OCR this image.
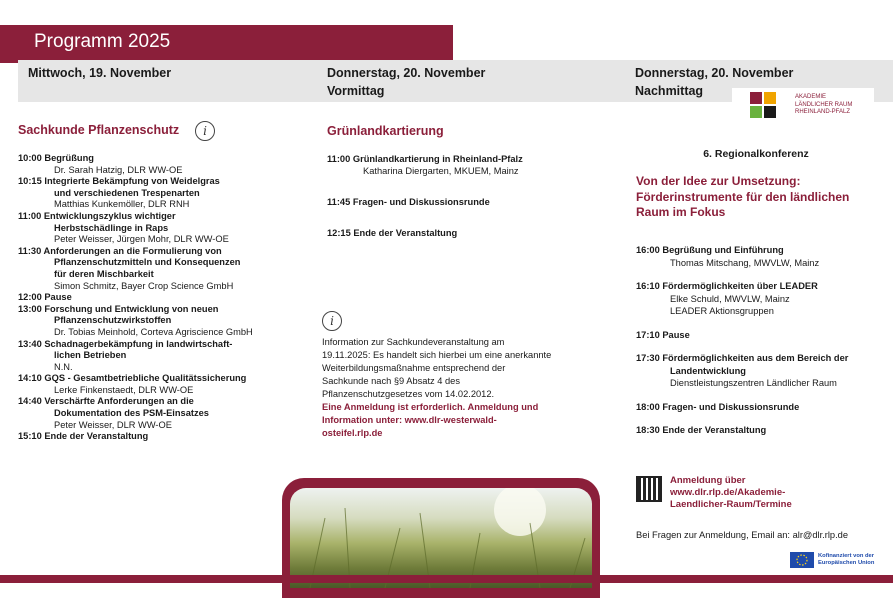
Programm 2025
Mittwoch, 19. November	Donnerstag, 20. November
Vormittag
Donnerstag, 20. November
Nachmittag	AKADEMIE
LÄNDLICHER RAUM
RHEINLAND-PFALZ
Sachkunde Pflanzenschutz	i
10:00 Begrüßung
Dr. Sarah Hatzig, DLR WW-OE
10:15 Integrierte Bekämpfung von Weidelgras
und verschiedenen Trespenarten
Matthias Kunkemöller, DLR RNH
11:00 Entwicklungszyklus wichtiger
Herbstschädlinge in Raps
Peter Weisser, Jürgen Mohr, DLR WW-OE
11:30 Anforderungen an die Formulierung von
Pflanzenschutzmitteln und Konsequenzen
für deren Mischbarkeit
Simon Schmitz, Bayer Crop Science GmbH
12:00 Pause
13:00 Forschung und Entwicklung von neuen
Pflanzenschutzwirkstoffen
Dr. Tobias Meinhold, Corteva Agriscience GmbH
13:40 Schadnagerbekämpfung in landwirtschaft-
lichen Betrieben
N.N.
14:10 GQS - Gesamtbetriebliche Qualitätssicherung
Lerke Finkenstaedt, DLR WW-OE
14:40 Verschärfte Anforderungen an die
Dokumentation des PSM-Einsatzes
Peter Weisser, DLR WW-OE
15:10 Ende der Veranstaltung
Grünlandkartierung
11:00 Grünlandkartierung in Rheinland-Pfalz
Katharina Diergarten, MKUEM, Mainz
11:45 Fragen- und Diskussionsrunde
12:15 Ende der Veranstaltung
i
Information zur Sachkundeveranstaltung am
19.11.2025: Es handelt sich hierbei um eine anerkannte
Weiterbildungsmaßnahme entsprechend der
Sachkunde nach §9 Absatz 4 des
Pflanzenschutzgesetzes vom 14.02.2012.
Eine Anmeldung ist erforderlich. Anmeldung und
Information unter: www.dlr-westerwald-
osteifel.rlp.de
6. Regionalkonferenz
Von der Idee zur Umsetzung:
Förderinstrumente für den ländlichen
Raum im Fokus
16:00 Begrüßung und Einführung
Thomas Mitschang, MWVLW, Mainz
16:10 Fördermöglichkeiten über LEADER
Elke Schuld, MWVLW, Mainz
LEADER Aktionsgruppen
17:10 Pause
17:30 Fördermöglichkeiten aus dem Bereich der
Landentwicklung
Dienstleistungszentren Ländlicher Raum
18:00 Fragen- und Diskussionsrunde
18:30 Ende der Veranstaltung
Anmeldung über
www.dlr.rlp.de/Akademie-
Laendlicher-Raum/Termine
Bei Fragen zur Anmeldung, Email an: alr@dlr.rlp.de
Kofinanziert von der
Europäischen Union
